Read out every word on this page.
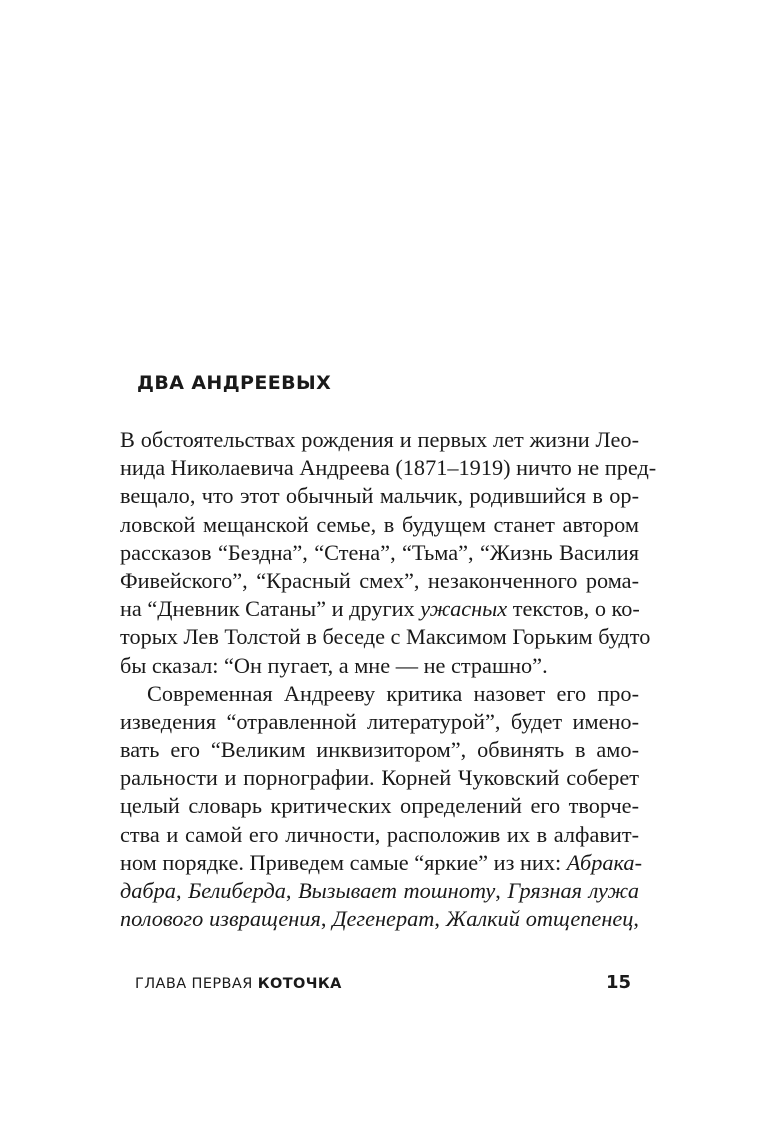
ДВА АНДРЕЕВЫХ
В обстоятельствах рождения и первых лет жизни Лео-
нида Николаевича Андреева (1871–1919) ничто не пред-
вещало, что этот обычный мальчик, родившийся в ор-
ловской мещанской семье, в будущем станет автором
рассказов “Бездна”, “Стена”, “Тьма”, “Жизнь Василия
Фивейского”, “Красный смех”, незаконченного рома-
на “Дневник Сатаны” и других ужасных текстов, о ко-
торых Лев Толстой в беседе с Максимом Горьким будто
бы сказал: “Он пугает, а мне — не страшно”.
Современная Андрееву критика назовет его про-
изведения “отравленной литературой”, будет имено-
вать его “Великим инквизитором”, обвинять в амо-
ральности и порнографии. Корней Чуковский соберет
целый словарь критических определений его творче-
ства и самой его личности, расположив их в алфавит-
ном порядке. Приведем самые “яркие” из них: Абрака-
дабра, Белиберда, Вызывает тошноту, Грязная лужа
полового извращения, Дегенерат, Жалкий отщепенец,
ГЛАВА ПЕРВАЯ КОТОЧКА	15
